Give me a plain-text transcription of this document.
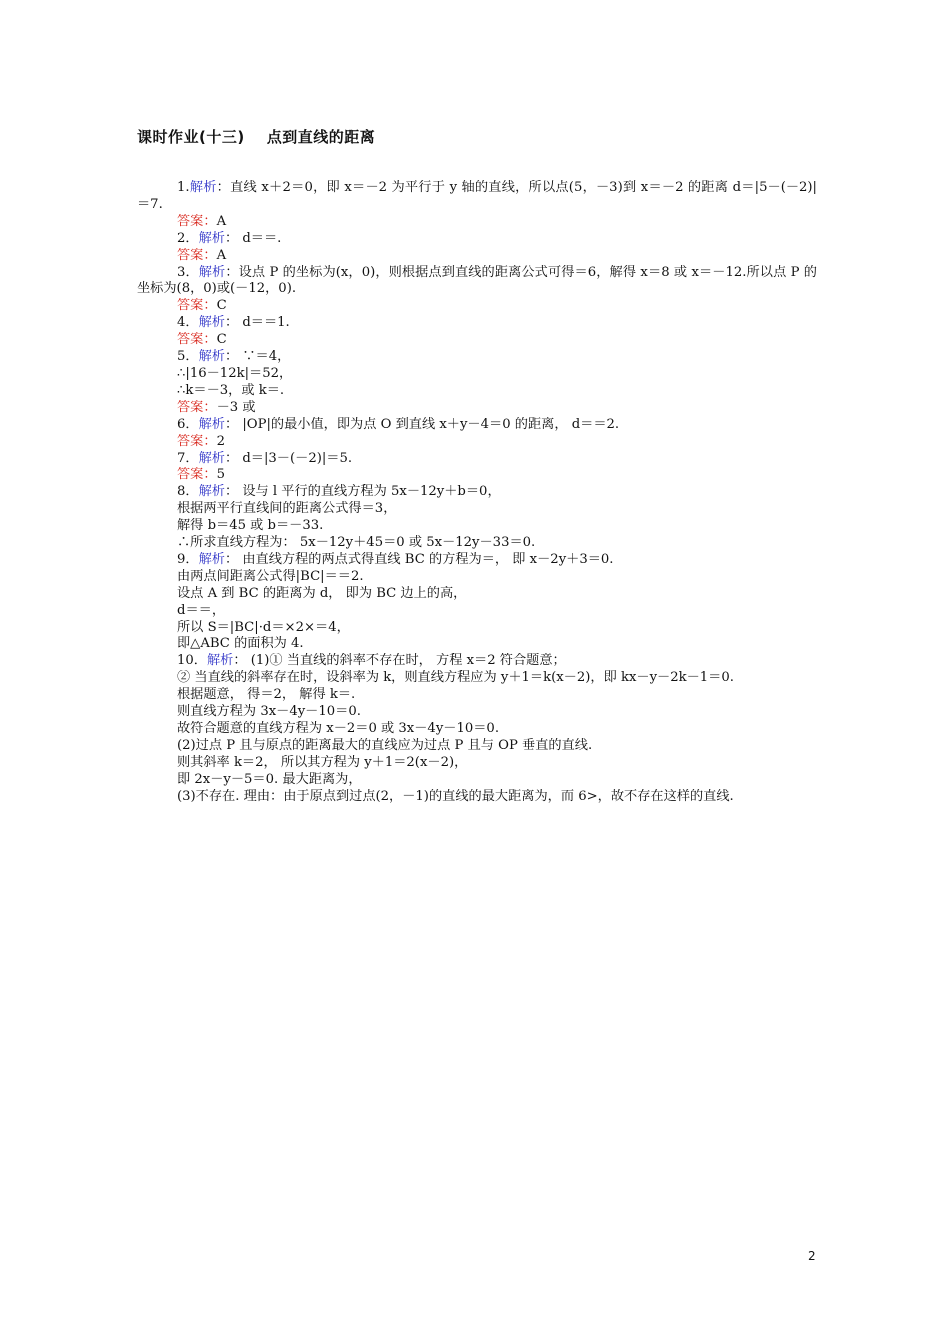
课时作业(十三) 点到直线的距离
1.解析：直线 x＋2＝0，即 x＝－2 为平行于 y 轴的直线，所以点(5，－3)到 x＝－2 的距离 d＝|5－(－2)|＝7.
答案：A
2．解析： d＝＝.
答案：A
3．解析：设点 P 的坐标为(x，0)，则根据点到直线的距离公式可得＝6，解得 x＝8 或 x＝－12.所以点 P 的坐标为(8，0)或(－12，0).
答案：C
4．解析： d＝＝1.
答案：C
5．解析： ∵＝4，
∴|16－12k|＝52，
∴k＝－3，或 k＝.
答案：－3 或
6．解析： |OP|的最小值，即为点 O 到直线 x＋y－4＝0 的距离， d＝＝2.
答案：2
7．解析： d＝|3－(－2)|＝5.
答案：5
8．解析： 设与 l 平行的直线方程为 5x－12y＋b＝0，
根据两平行直线间的距离公式得＝3，
解得 b＝45 或 b＝－33.
∴所求直线方程为： 5x－12y＋45＝0 或 5x－12y－33＝0.
9．解析： 由直线方程的两点式得直线 BC 的方程为＝， 即 x－2y＋3＝0.
由两点间距离公式得|BC|＝＝2.
设点 A 到 BC 的距离为 d， 即为 BC 边上的高，
d＝＝，
所以 S＝|BC|·d＝×2×＝4，
即△ABC 的面积为 4.
10．解析： (1)① 当直线的斜率不存在时， 方程 x＝2 符合题意；
② 当直线的斜率存在时，设斜率为 k，则直线方程应为 y＋1＝k(x－2)，即 kx－y－2k－1＝0.
根据题意， 得＝2， 解得 k＝.
则直线方程为 3x－4y－10＝0.
故符合题意的直线方程为 x－2＝0 或 3x－4y－10＝0.
(2)过点 P 且与原点的距离最大的直线应为过点 P 且与 OP 垂直的直线.
则其斜率 k＝2， 所以其方程为 y＋1＝2(x－2)，
即 2x－y－5＝0. 最大距离为，
(3)不存在. 理由：由于原点到过点(2，－1)的直线的最大距离为，而 6>，故不存在这样的直线.
2
